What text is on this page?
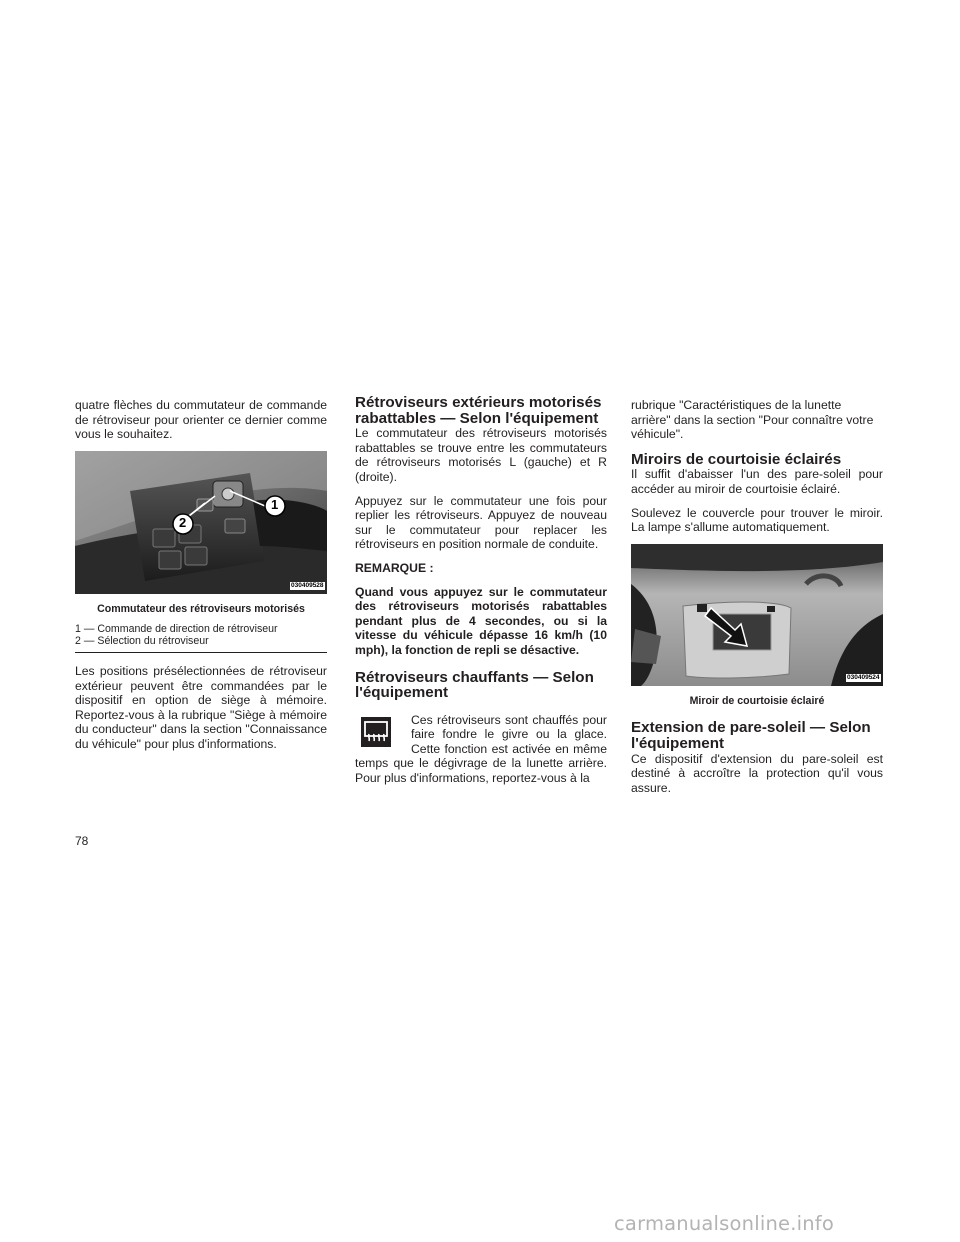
quatre flèches du commutateur de commande de rétroviseur pour orienter ce dernier comme vous le souhaitez.

1
2
030409528
Commutateur des rétroviseurs motorisés

1 — Commande de direction de rétroviseur

2 — Sélection du rétroviseur

Les positions présélectionnées de rétroviseur extérieur peuvent être commandées par le dispositif en option de siège à mémoire. Reportez-vous à la rubrique "Siège à mémoire du conducteur" dans la section "Connaissance du véhicule" pour plus d'informations.

Rétroviseurs extérieurs motorisés
rabattables — Selon l'équipement

Le commutateur des rétroviseurs motorisés rabattables se trouve entre les commutateurs de rétroviseurs motorisés L (gauche) et R (droite).

Appuyez sur le commutateur une fois pour replier les rétroviseurs. Appuyez de nouveau sur le commutateur pour replacer les rétroviseurs en position normale de conduite.

REMARQUE :

Quand vous appuyez sur le commutateur des rétroviseurs motorisés rabattables pendant plus de 4 secondes, ou si la vitesse du véhicule dépasse 16 km/h (10 mph), la fonction de repli se désactive.

Rétroviseurs chauffants — Selon
l'équipement

Ces rétroviseurs sont chauffés pour faire fondre le givre ou la glace. Cette fonction est activée en même temps que le dégivrage de la lunette arrière. Pour plus d'informations, reportez-vous à la

rubrique "Caractéristiques de la lunette arrière" dans la section "Pour connaître votre véhicule".

Miroirs de courtoisie éclairés

Il suffit d'abaisser l'un des pare-soleil pour accéder au miroir de courtoisie éclairé.

Soulevez le couvercle pour trouver le miroir. La lampe s'allume automatiquement.

030409524
Miroir de courtoisie éclairé
Extension de pare-soleil — Selon
l'équipement

Ce dispositif d'extension du pare-soleil est destiné à accroître la protection qu'il vous assure.

78
carmanualsonline.info
